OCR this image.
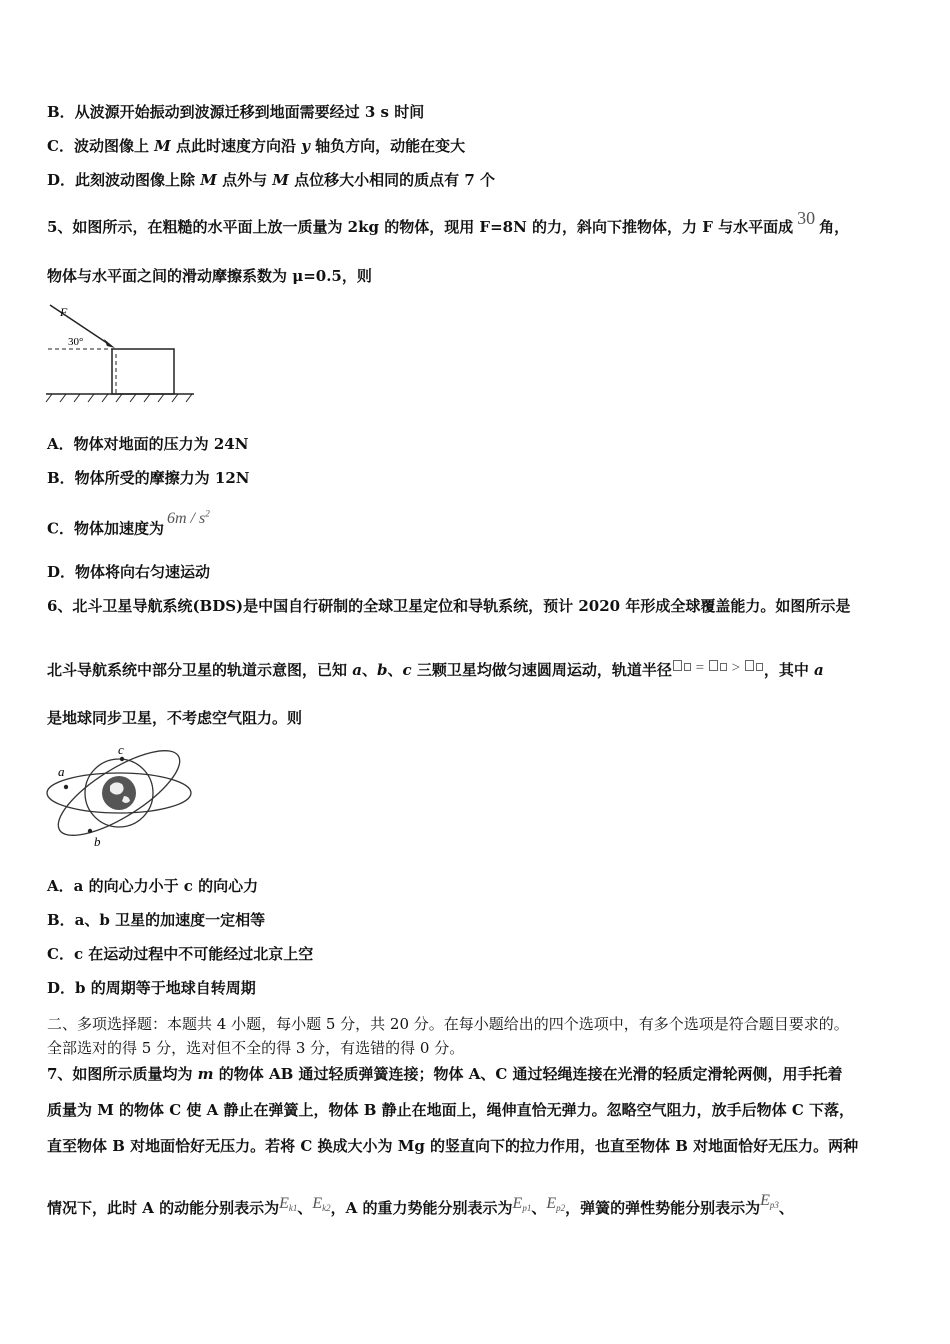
B．从波源开始振动到波源迁移到地面需要经过 3 s 时间
C．波动图像上 M 点此时速度方向沿 y 轴负方向，动能在变大
D．此刻波动图像上除 M 点外与 M 点位移大小相同的质点有 7 个
5、如图所示，在粗糙的水平面上放一质量为 2kg 的物体，现用 F=8N 的力，斜向下推物体，力 F 与水平面成 30 角，
物体与水平面之间的滑动摩擦系数为 μ=0.5，则
F
30°
A．物体对地面的压力为 24N
B．物体所受的摩擦力为 12N
C．物体加速度为$6m / s^2$
D．物体将向右匀速运动
6、北斗卫星导航系统(BDS)是中国自行研制的全球卫星定位和导轨系统，预计 2020 年形成全球覆盖能力。如图所示是
北斗导航系统中部分卫星的轨道示意图，已知 a、b、c 三颗卫星均做匀速圆周运动，轨道半径 = > ，其中 a
是地球同步卫星，不考虑空气阻力。则
a
c
b
A．a 的向心力小于 c 的向心力
B．a、b 卫星的加速度一定相等
C．c 在运动过程中不可能经过北京上空
D．b 的周期等于地球自转周期
二、多项选择题：本题共 4 小题，每小题 5 分，共 20 分。在每小题给出的四个选项中，有多个选项是符合题目要求的。
全部选对的得 5 分，选对但不全的得 3 分，有选错的得 0 分。
7、如图所示质量均为 m 的物体 AB 通过轻质弹簧连接；物体 A、C 通过轻绳连接在光滑的轻质定滑轮两侧，用手托着
质量为 M 的物体 C 使 A 静止在弹簧上，物体 B 静止在地面上，绳伸直恰无弹力。忽略空气阻力，放手后物体 C 下落，
直至物体 B 对地面恰好无压力。若将 C 换成大小为 Mg 的竖直向下的拉力作用，也直至物体 B 对地面恰好无压力。两种
情况下，此时 A 的动能分别表示为$E_{k1}$、$E_{k2}$，A 的重力势能分别表示为$E_{p1}$、$E_{p2}$，弹簧的弹性势能分别表示为$E_{p3}$、
